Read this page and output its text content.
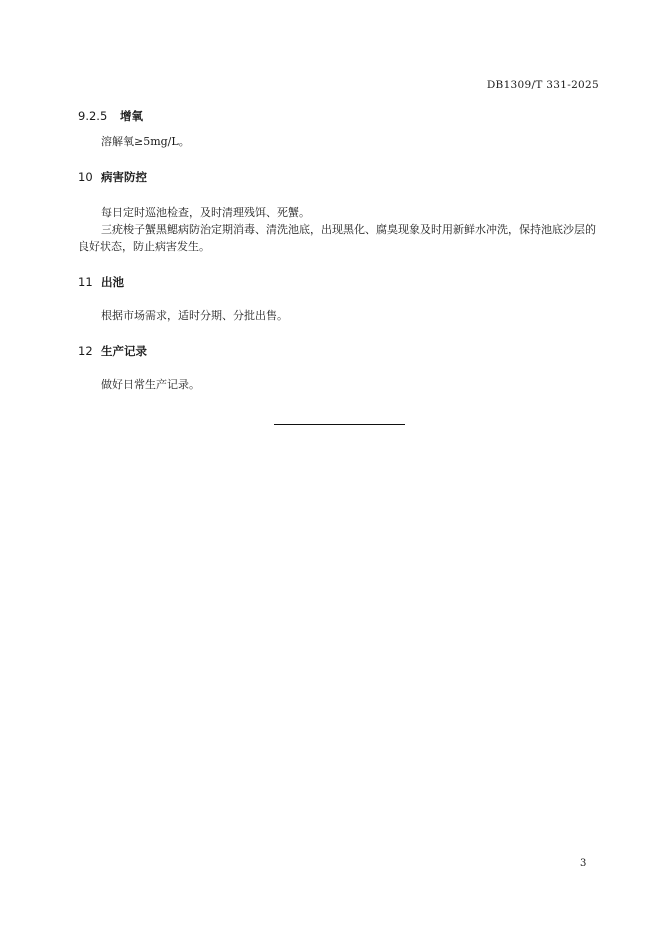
DB1309/T 331-2025
9.2.5 增氧
溶解氧≥5mg/L。
10 病害防控
每日定时巡池检查，及时清理残饵、死蟹。
三疣梭子蟹黑鳃病防治定期消毒、清洗池底，出现黑化、腐臭现象及时用新鲜水冲洗，保持池底沙层的良好状态，防止病害发生。
11 出池
根据市场需求，适时分期、分批出售。
12 生产记录
做好日常生产记录。
3
